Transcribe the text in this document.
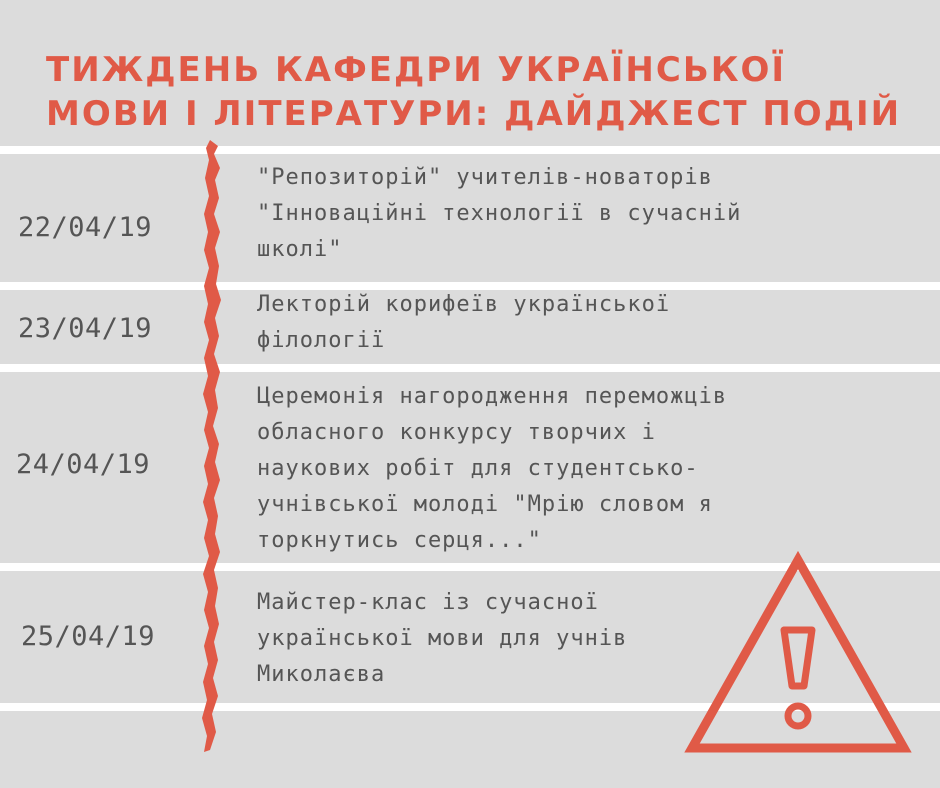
ТИЖДЕНЬ КАФЕДРИ УКРАЇНСЬКОЇ
МОВИ І ЛІТЕРАТУРИ: ДАЙДЖЕСТ ПОДІЙ
22/04/19
"Репозиторій" учителів-новаторів
"Інноваційні технології в сучасній
школі"
23/04/19
Лекторій корифеїв української
філології
24/04/19
Церемонія нагородження переможців
обласного конкурсу творчих і
наукових робіт для студентсько-
учнівської молоді "Мрію словом я
торкнутись серця..."
25/04/19
Майстер-клас із сучасної
української мови для учнів
Миколаєва
